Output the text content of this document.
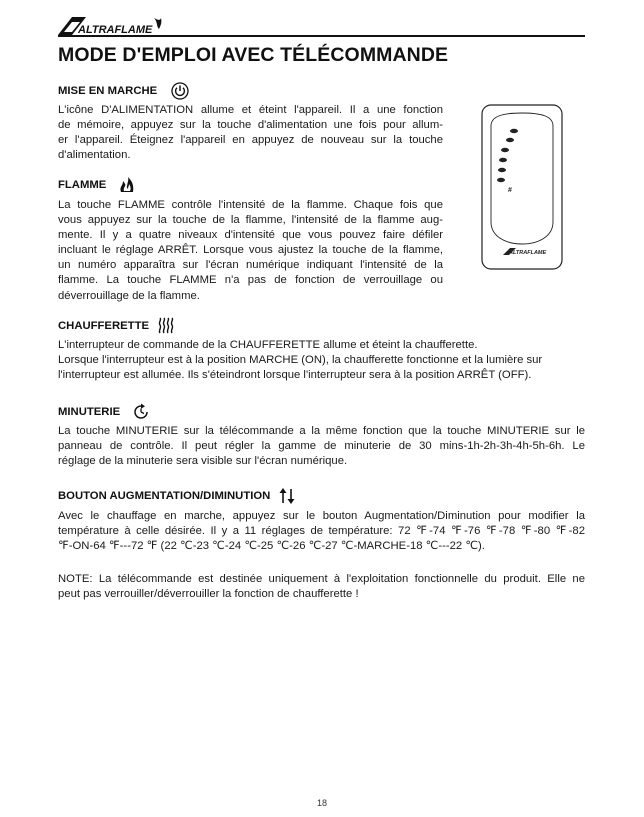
ALTRAFLAME
MODE D'EMPLOI AVEC TÉLÉCOMMANDE
MISE EN MARCHE
L'icône D'ALIMENTATION allume et éteint l'appareil. Il a une fonction
de mémoire, appuyez sur la touche d'alimentation une fois pour allum-
er l'appareil. Éteignez l'appareil en appuyez de nouveau sur la touche
d'alimentation.
FLAMME
La touche FLAMME contrôle l'intensité de la flamme. Chaque fois que
vous appuyez sur la touche de la flamme, l'intensité de la flamme aug-
mente. Il y a quatre niveaux d'intensité que vous pouvez faire défiler
incluant le réglage ARRÊT. Lorsque vous ajustez la touche de la flamme,
un numéro apparaîtra sur l'écran numérique indiquant l'intensité de la
flamme. La touche FLAMME n'a pas de fonction de verrouillage ou
déverrouillage de la flamme.
#
ALTRAFLAME
CHAUFFERETTE
L'interrupteur de commande de la CHAUFFERETTE allume et éteint la chaufferette.
Lorsque l'interrupteur est à la position MARCHE (ON), la chaufferette fonctionne et la lumière sur
l'interrupteur est allumée. Ils s'éteindront lorsque l'interrupteur sera à la position ARRÊT (OFF).
MINUTERIE
La touche MINUTERIE sur la télécommande a la même fonction que la touche MINUTERIE sur le
panneau de contrôle. Il peut régler la gamme de minuterie de 30 mins-1h-2h-3h-4h-5h-6h. Le
réglage de la minuterie sera visible sur l'écran numérique.
BOUTON AUGMENTATION/DIMINUTION
Avec le chauffage en marche, appuyez sur le bouton Augmentation/Diminution pour modifier la
température à celle désirée. Il y a 11 réglages de température: 72 ℉-74 ℉-76 ℉-78 ℉-80 ℉-82
℉-ON-64 ℉---72 ℉ (22 ℃-23 ℃-24 ℃-25 ℃-26 ℃-27 ℃-MARCHE-18 ℃---22 ℃).
NOTE: La télécommande est destinée uniquement à l'exploitation fonctionnelle du produit. Elle ne
peut pas verrouiller/déverrouiller la fonction de chaufferette !
18
